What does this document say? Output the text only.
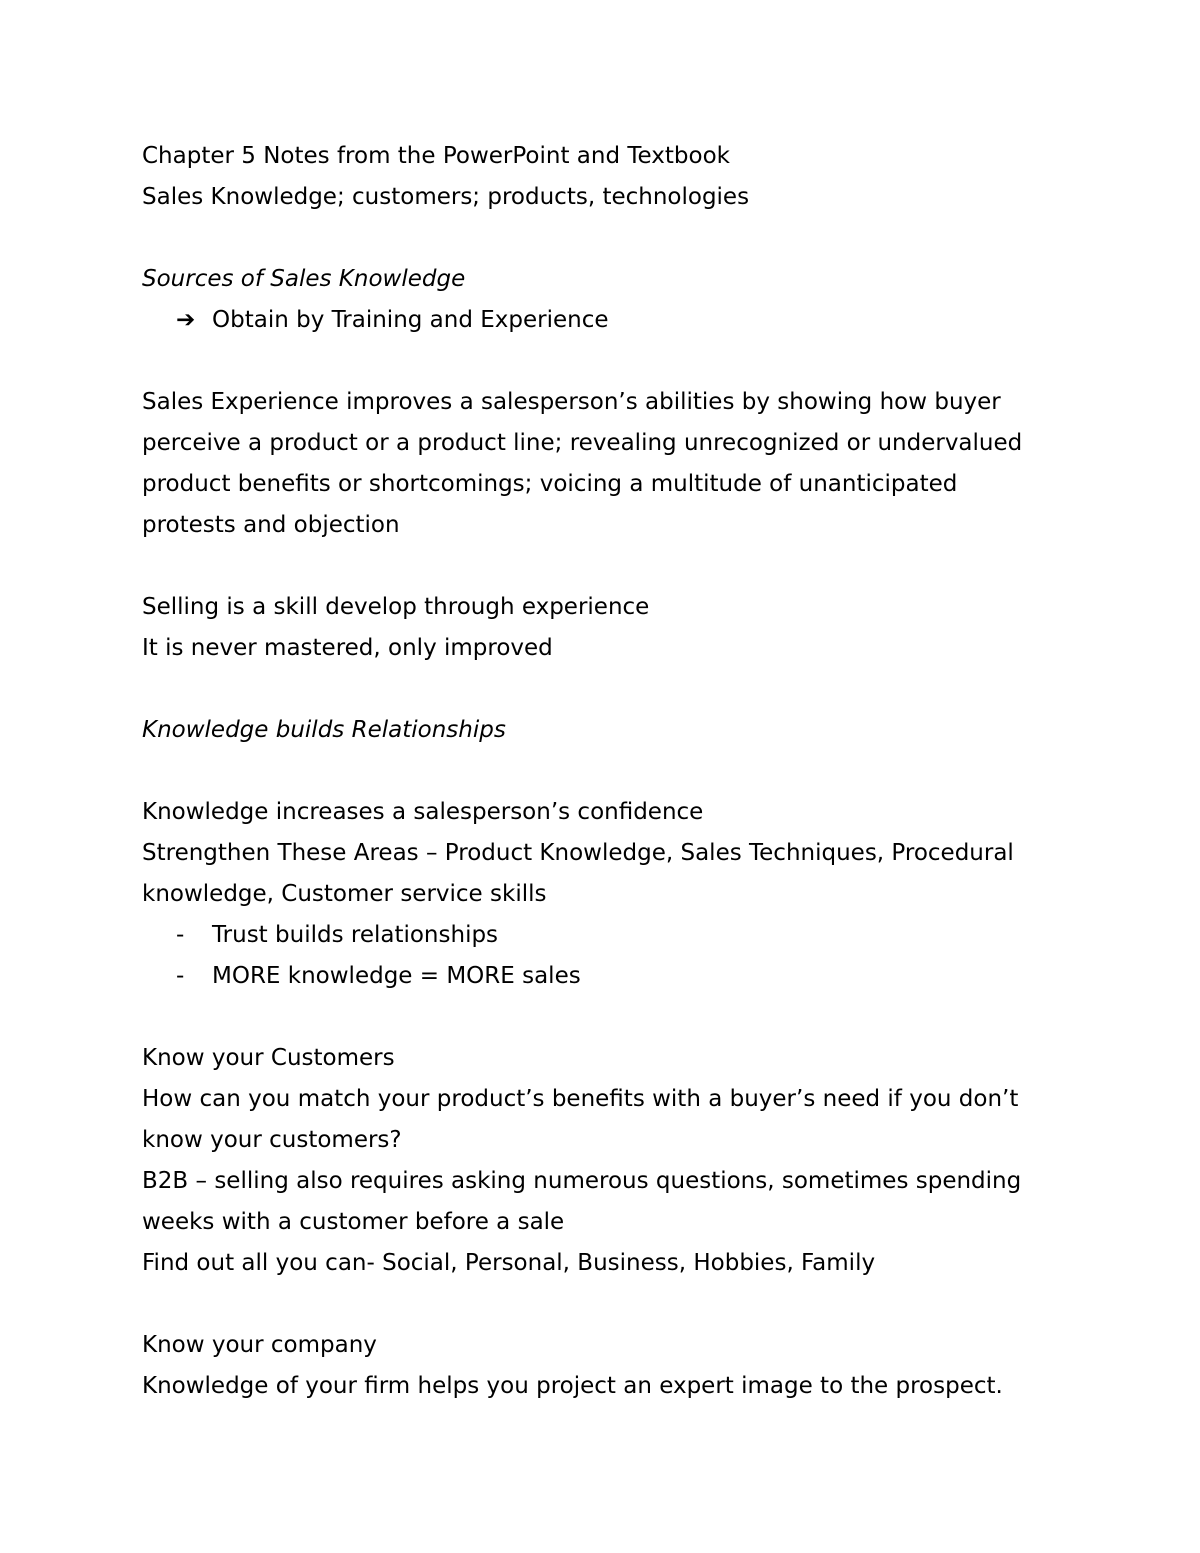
Chapter 5 Notes from the PowerPoint and Textbook
Sales Knowledge; customers; products, technologies
Sources of Sales Knowledge
➔ Obtain by Training and Experience
Sales Experience improves a salesperson’s abilities by showing how buyer
perceive a product or a product line; revealing unrecognized or undervalued
product benefits or shortcomings; voicing a multitude of unanticipated
protests and objection
Selling is a skill develop through experience
It is never mastered, only improved
Knowledge builds Relationships
Knowledge increases a salesperson’s confidence
Strengthen These Areas – Product Knowledge, Sales Techniques, Procedural
knowledge, Customer service skills
-	Trust builds relationships
-	MORE knowledge = MORE sales
Know your Customers
How can you match your product’s benefits with a buyer’s need if you don’t
know your customers?
B2B – selling also requires asking numerous questions, sometimes spending
weeks with a customer before a sale
Find out all you can- Social, Personal, Business, Hobbies, Family
Know your company
Knowledge of your firm helps you project an expert image to the prospect.
